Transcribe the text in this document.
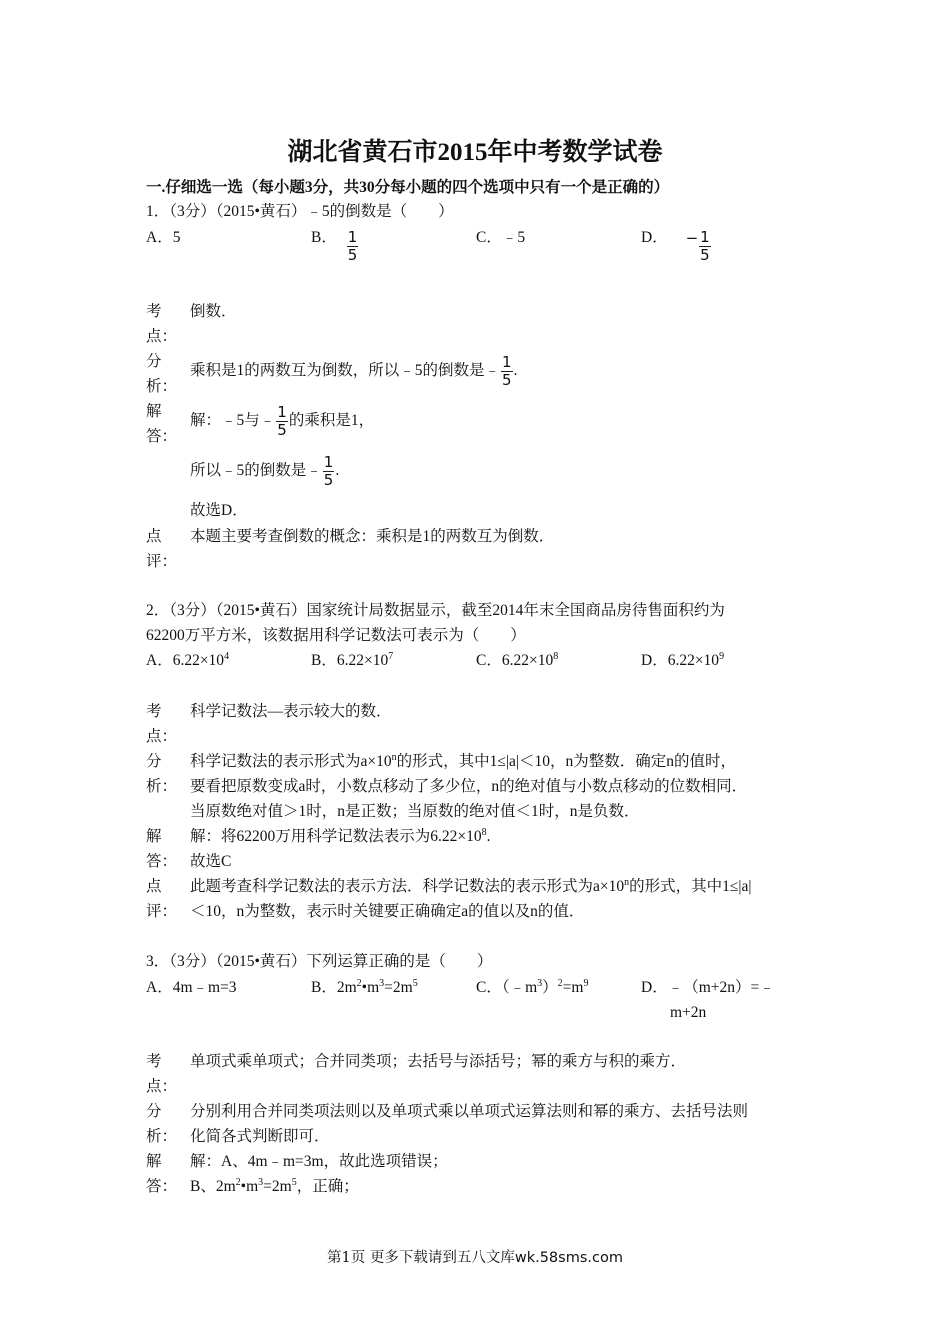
湖北省黄石市2015年中考数学试卷
一.仔细选一选（每小题3分，共30分每小题的四个选项中只有一个是正确的）
1．（3分）（2015•黄石）﹣5的倒数是（　　）
A．5	B． $\frac{1}{5}$	C．﹣5	D． − $\frac{1}{5}$
考
点：
倒数．
分
析：
乘积是1的两数互为倒数，所以﹣5的倒数是﹣ $\frac{1}{5}$ .
解
答：
解：﹣5与﹣ $\frac{1}{5}$ 的乘积是1，
所以﹣5的倒数是﹣ $\frac{1}{5}$ .
故选D．
点
评：
本题主要考查倒数的概念：乘积是1的两数互为倒数．
2．（3分）（2015•黄石）国家统计局数据显示，截至2014年末全国商品房待售面积约为
62200万平方米，该数据用科学记数法可表示为（　　）
A．$6.22\times 10^4$	B．$6.22\times 10^7$	C．$6.22\times 10^8$	D．$6.22\times 10^9$
考
点：
科学记数法—表示较大的数．
分
析：
科学记数法的表示形式为$a\times 10^n$的形式，其中1≤|a|＜10，n为整数．确定n的值时，
要看把原数变成a时，小数点移动了多少位，n的绝对值与小数点移动的位数相同．
当原数绝对值＞1时，n是正数；当原数的绝对值＜1时，n是负数．
解
答：
解：将62200万用科学记数法表示为$6.22\times 10^8$.
故选C
点
评：
此题考查科学记数法的表示方法．科学记数法的表示形式为$a\times 10^n$的形式，其中1≤|a|
＜10，n为整数，表示时关键要正确确定a的值以及n的值．
3．（3分）（2015•黄石）下列运算正确的是（　　）
A．4m﹣m=3	B．$2m^2•m^3=2m^5$	C．$(﹣m^3)^2=m^9$	D．﹣（m+2n）=﹣
m+2n
考
点：
单项式乘单项式；合并同类项；去括号与添括号；幂的乘方与积的乘方．
分
析：
分别利用合并同类项法则以及单项式乘以单项式运算法则和幂的乘方、去括号法则
化简各式判断即可．
解
答：
解：A、4m﹣m=3m，故此选项错误；
B、$2m^2•m^3=2m^5$，正确；
第1页 更多下载请到五八文库wk.58sms.com
